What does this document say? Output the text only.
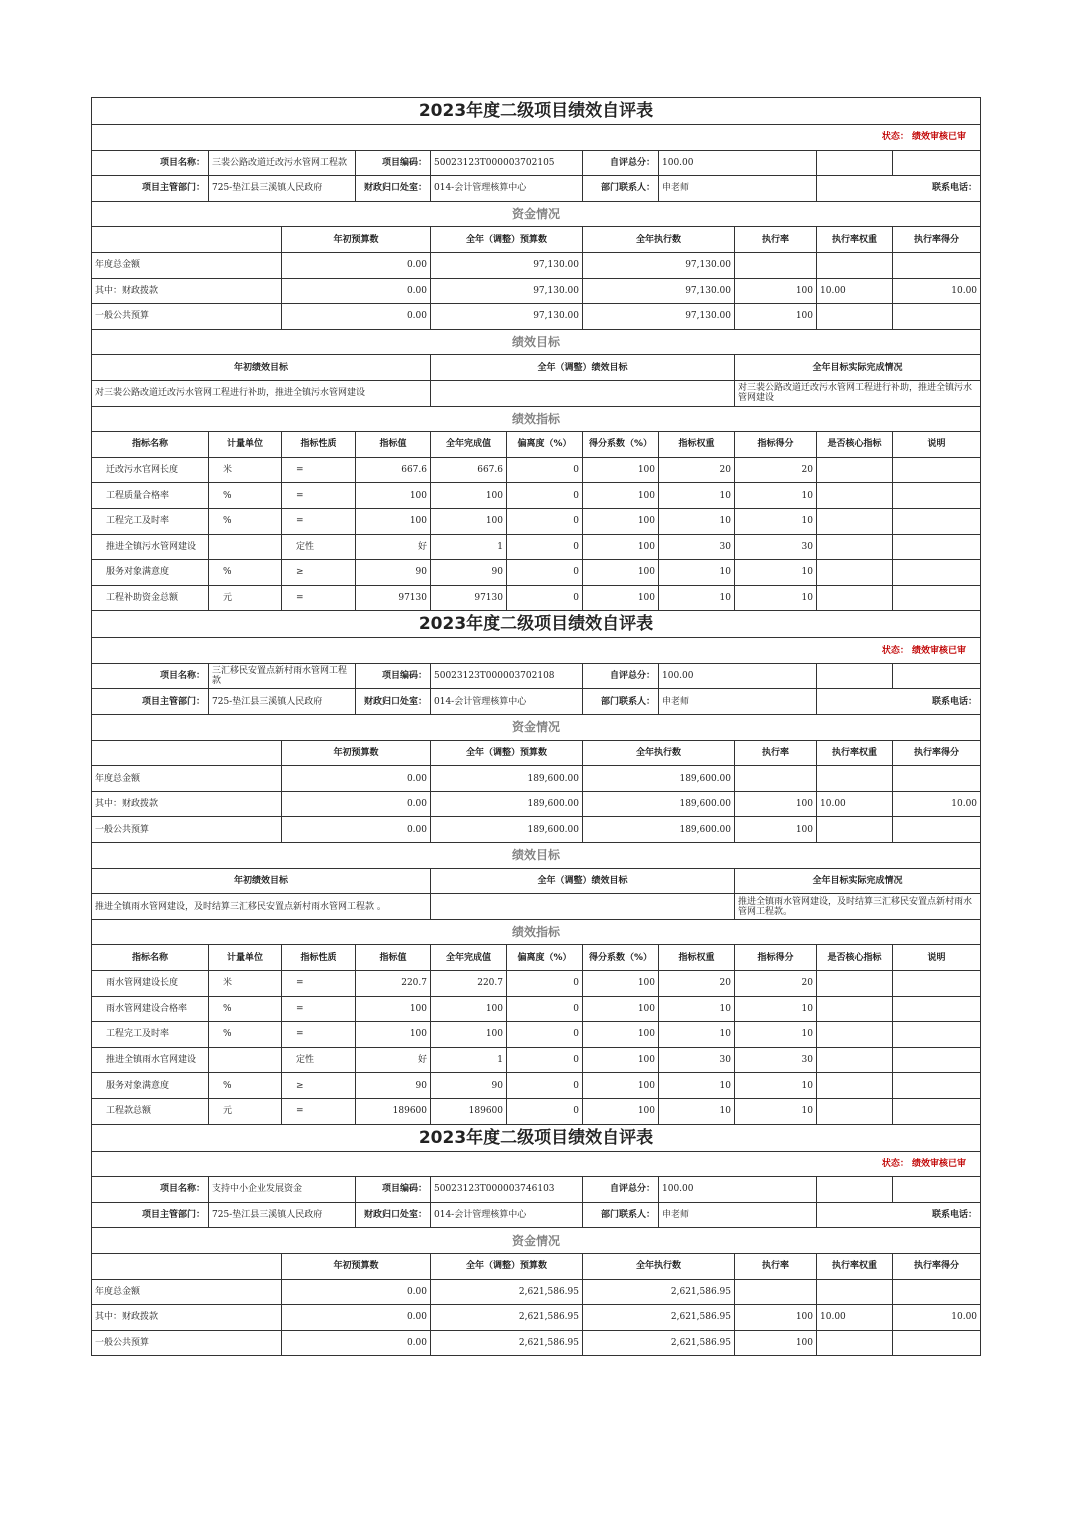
2023年度二级项目绩效自评表											
状态： 绩效审核已审											
项目名称：	三裴公路改道迁改污水管网工程款		项目编码：	50023123T000003702105		自评总分：	100.00				
项目主管部门：	725-垫江县三溪镇人民政府		财政归口处室：	014-会计管理核算中心		部门联系人：	申老师		联系电话：	
资金情况											
		年初预算数		全年（调整）预算数		全年执行数		执行率	执行率权重	执行率得分	
年度总金额		0.00		97,130.00		97,130.00					
其中：财政拨款		0.00		97,130.00		97,130.00		100	10.00	10.00	
一般公共预算		0.00		97,130.00		97,130.00		100			
绩效目标											
年初绩效目标				全年（调整）绩效目标				全年目标实际完成情况			
对三裴公路改道迁改污水管网工程进行补助，推进全镇污水管网建设								对三裴公路改道迁改污水管网工程进行补助，推进全镇污水管网建设			
绩效指标											
指标名称	计量单位	指标性质	指标值	全年完成值	偏离度（%）	得分系数（%）	指标权重	指标得分	是否核心指标	说明	
迁改污水官网长度	米	=	667.6	667.6	0	100	20	20			
工程质量合格率	%	=	100	100	0	100	10	10			
工程完工及时率	%	=	100	100	0	100	10	10			
推进全镇污水管网建设		定性	好	1	0	100	30	30			
服务对象满意度	%	≥	90	90	0	100	10	10			
工程补助资金总额	元	=	97130	97130	0	100	10	10			
2023年度二级项目绩效自评表											
状态： 绩效审核已审											
项目名称：	三汇移民安置点新村雨水管网工程款		项目编码：	50023123T000003702108		自评总分：	100.00				
项目主管部门：	725-垫江县三溪镇人民政府		财政归口处室：	014-会计管理核算中心		部门联系人：	申老师		联系电话：	
资金情况											
		年初预算数		全年（调整）预算数		全年执行数		执行率	执行率权重	执行率得分	
年度总金额		0.00		189,600.00		189,600.00					
其中：财政拨款		0.00		189,600.00		189,600.00		100	10.00	10.00	
一般公共预算		0.00		189,600.00		189,600.00		100			
绩效目标											
年初绩效目标				全年（调整）绩效目标				全年目标实际完成情况			
推进全镇雨水管网建设，及时结算三汇移民安置点新村雨水管网工程款 。								推进全镇雨水管网建设，及时结算三汇移民安置点新村雨水管网工程款。			
绩效指标											
指标名称	计量单位	指标性质	指标值	全年完成值	偏离度（%）	得分系数（%）	指标权重	指标得分	是否核心指标	说明	
雨水管网建设长度	米	=	220.7	220.7	0	100	20	20			
雨水管网建设合格率	%	=	100	100	0	100	10	10			
工程完工及时率	%	=	100	100	0	100	10	10			
推进全镇雨水官网建设		定性	好	1	0	100	30	30			
服务对象满意度	%	≥	90	90	0	100	10	10			
工程款总额	元	=	189600	189600	0	100	10	10			
2023年度二级项目绩效自评表											
状态： 绩效审核已审											
项目名称：	支持中小企业发展资金		项目编码：	50023123T000003746103		自评总分：	100.00				
项目主管部门：	725-垫江县三溪镇人民政府		财政归口处室：	014-会计管理核算中心		部门联系人：	申老师		联系电话：	
资金情况											
		年初预算数		全年（调整）预算数		全年执行数		执行率	执行率权重	执行率得分	
年度总金额		0.00		2,621,586.95		2,621,586.95					
其中：财政拨款		0.00		2,621,586.95		2,621,586.95		100	10.00	10.00	
一般公共预算		0.00		2,621,586.95		2,621,586.95		100			
